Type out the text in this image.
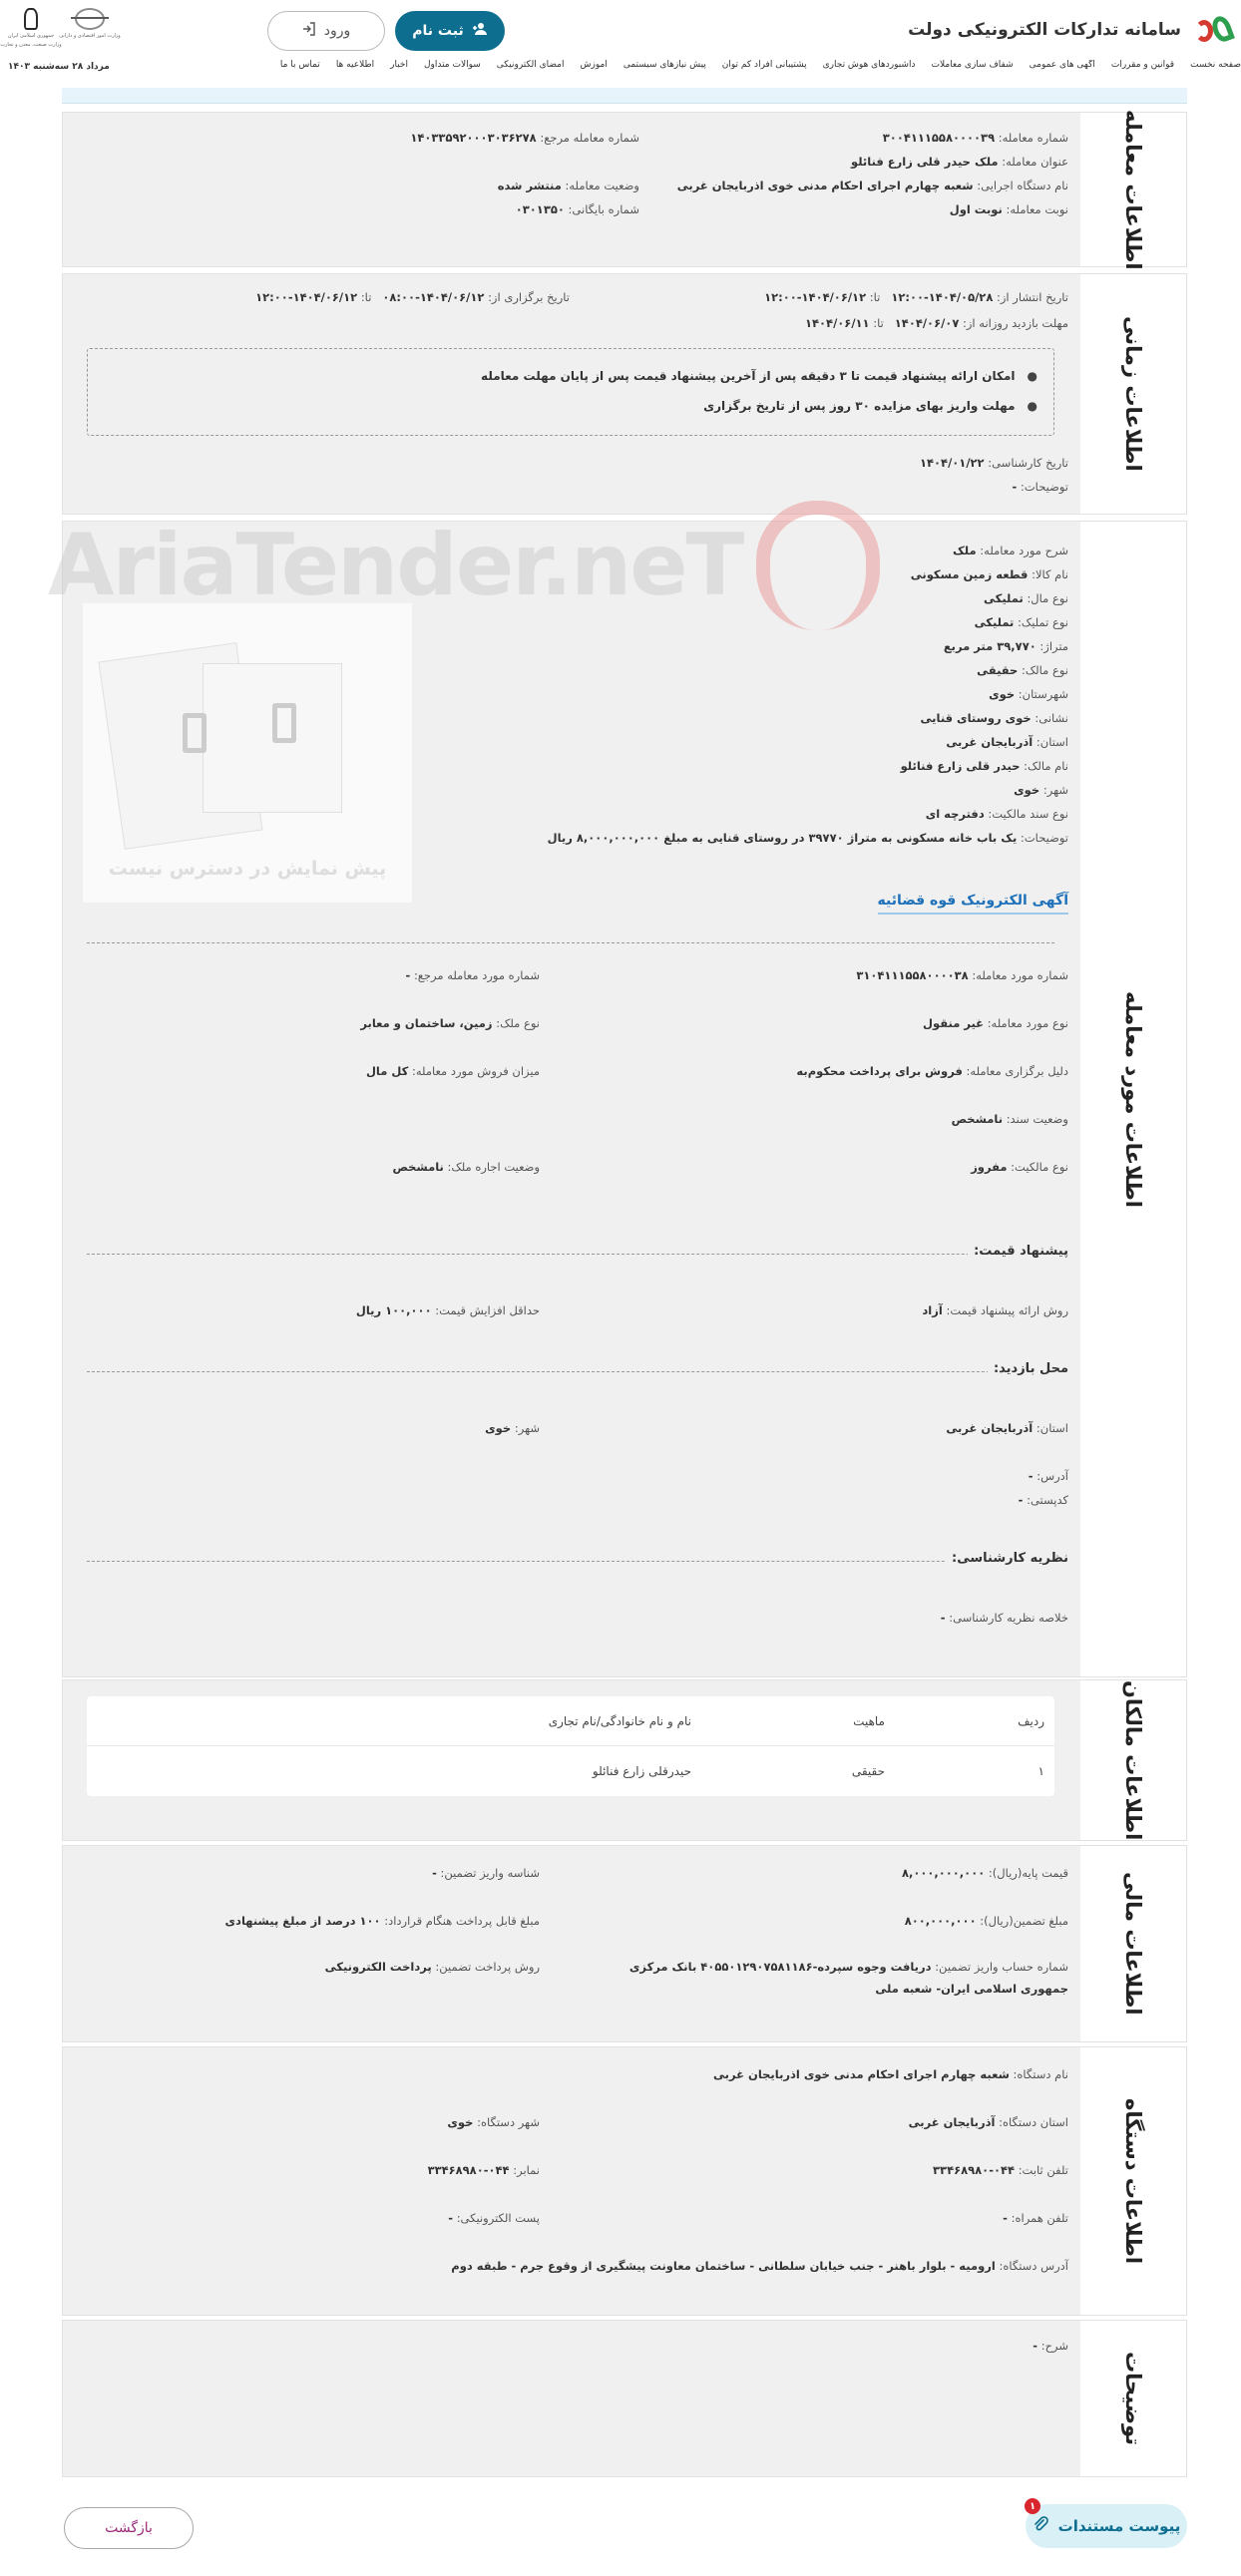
سامانه تدارکات الکترونیکی دولت
ثبت نام
ورود
وزارت امور اقتصادی و دارایی
جمهوری اسلامی ایران
وزارت صنعت، معدن و تجارت
صفحه نخست
قوانین و مقررات
آگهی های عمومی
شفاف سازی معاملات
داشبوردهای هوش تجاری
پشتیبانی افراد کم توان
پیش نیازهای سیستمی
آموزش
امضای الکترونیکی
سوالات متداول
اخبار
اطلاعیه ها
تماس با ما
مرداد ۲۸ سه‌شنبه ۱۴۰۳
اطلاعات معامله
شماره معامله: ۳۰۰۴۱۱۱۵۵۸۰۰۰۰۳۹
شماره معامله مرجع: ۱۴۰۳۳۵۹۲۰۰۰۳۰۳۶۲۷۸
عنوان معامله: ملک حیدر قلی زارع فنائلو
نام دستگاه اجرایی: شعبه چهارم اجرای احکام مدنی خوی اذربایجان غربی
وضعیت معامله: منتشر شده
نوبت معامله: نوبت اول
شماره بایگانی: ۰۳۰۱۳۵۰
اطلاعات زمانی
تاریخ انتشار از: ۱۴۰۴/۰۵/۲۸-۱۲:۰۰   تا: ۱۴۰۴/۰۶/۱۲-۱۲:۰۰
تاریخ برگزاری از: ۱۴۰۴/۰۶/۱۲-۰۸:۰۰   تا: ۱۴۰۴/۰۶/۱۲-۱۲:۰۰
مهلت بازدید روزانه از: ۱۴۰۴/۰۶/۰۷   تا: ۱۴۰۴/۰۶/۱۱
● امکان ارائه پیشنهاد قیمت تا ۳ دقیقه پس از آخرین پیشنهاد قیمت پس از پایان مهلت معامله
● مهلت واریز بهای مزایده ۳۰ روز پس از تاریخ برگزاری
تاریخ کارشناسی: ۱۴۰۴/۰۱/۲۲
توضیحات: -
اطلاعات مورد معامله
پیش نمایش در دسترس نیست
شرح مورد معامله: ملک
نام کالا: قطعه زمین مسکونی
نوع مال: تملیکی
نوع تملیک: تملیکی
متراژ: ۳۹,۷۷۰ متر مربع
نوع مالک: حقیقی
شهرستان: خوی
نشانی: خوی روستای قنایی
استان: آذربایجان غربی
نام مالک: حیدر قلی زارع فنائلو
شهر: خوی
نوع سند مالکیت: دفترچه ای
توضیحات: یک باب خانه مسکونی به متراژ ۳۹۷۷۰ در روستای قنایی به مبلغ ۸,۰۰۰,۰۰۰,۰۰۰ ریال
آگهی الکترونیک قوه قضائیه
شماره مورد معامله: ۳۱۰۴۱۱۱۵۵۸۰۰۰۰۳۸
شماره مورد معامله مرجع: -
نوع مورد معامله: غیر منقول
نوع ملک: زمین، ساختمان و معابر
دلیل برگزاری معامله: فروش برای پرداخت محکوم‌به
میزان فروش مورد معامله: کل مال
وضعیت سند: نامشخص
نوع مالکیت: مفروز
وضعیت اجاره ملک: نامشخص
پیشنهاد قیمت:
روش ارائه پیشنهاد قیمت: آزاد
حداقل افزایش قیمت: ۱۰۰,۰۰۰ ریال
محل بازدید:
استان: آذربایجان غربی
شهر: خوی
آدرس: -
کدپستی: -
نظریه کارشناسی:
خلاصه نظریه کارشناسی: -
AriaTender.neT
اطلاعات مالکان
ردیف
ماهیت
نام و نام خانوادگی/نام تجاری
۱
حقیقی
حیدرقلی زارع فنائلو
اطلاعات مالی
قیمت پایه(ریال): ۸,۰۰۰,۰۰۰,۰۰۰
شناسه واریز تضمین: -
مبلغ تضمین(ریال): ۸۰۰,۰۰۰,۰۰۰
مبلغ قابل پرداخت هنگام قرارداد: ۱۰۰ درصد از مبلغ پیشنهادی
شماره حساب واریز تضمین: دریافت وجوه سپرده-۴۰۵۵۰۱۲۹۰۷۵۸۱۱۸۶ بانک مرکزی
جمهوری اسلامی ایران- شعبه ملی
روش پرداخت تضمین: پرداخت الکترونیکی
اطلاعات دستگاه
نام دستگاه: شعبه چهارم اجرای احکام مدنی خوی اذربایجان غربی
استان دستگاه: آذربایجان غربی
شهر دستگاه: خوی
تلفن ثابت: ۰۴۴-۳۳۴۶۸۹۸۰
نمابر: ۰۴۴-۳۳۴۶۸۹۸۰
تلفن همراه: -
پست الکترونیکی: -
آدرس دستگاه: ارومیه - بلوار باهنر - جنب خیابان سلطانی - ساختمان معاونت پیشگیری از وقوع جرم - طبقه دوم
توضیحات
شرح: -
پیوست مستندات
۱
بازگشت
